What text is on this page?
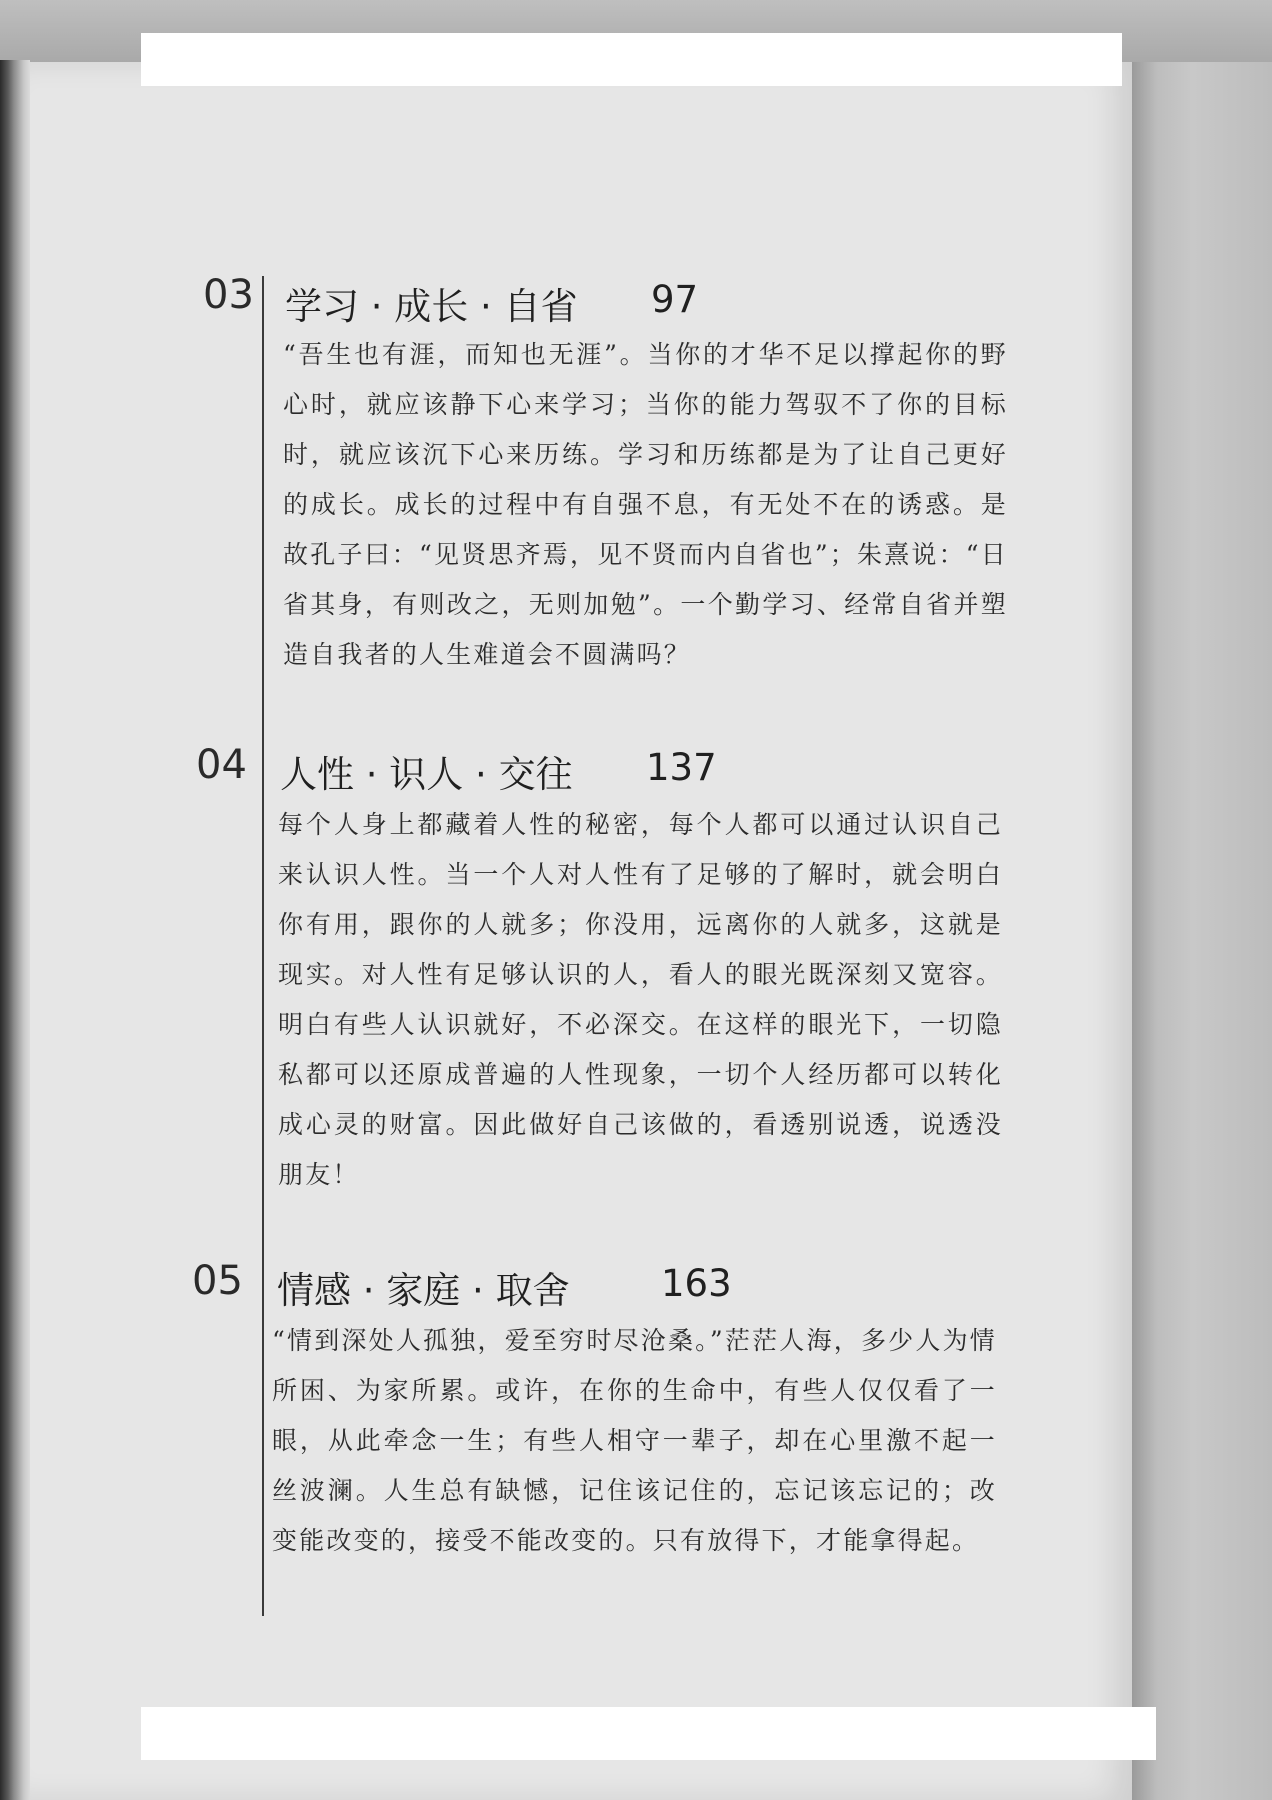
03 学习 · 成长 · 自省 97
“吾生也有涯，而知也无涯”。当你的才华不足以撑起你的野心时，就应该静下心来学习；当你的能力驾驭不了你的目标时，就应该沉下心来历练。学习和历练都是为了让自己更好的成长。成长的过程中有自强不息，有无处不在的诱惑。是故孔子曰：“见贤思齐焉，见不贤而内自省也”；朱熹说：“日省其身，有则改之，无则加勉”。一个勤学习、经常自省并塑造自我者的人生难道会不圆满吗？
04 人性 · 识人 · 交往 137
每个人身上都藏着人性的秘密，每个人都可以通过认识自己来认识人性。当一个人对人性有了足够的了解时，就会明白你有用，跟你的人就多；你没用，远离你的人就多，这就是现实。对人性有足够认识的人，看人的眼光既深刻又宽容。明白有些人认识就好，不必深交。在这样的眼光下，一切隐私都可以还原成普遍的人性现象，一切个人经历都可以转化成心灵的财富。因此做好自己该做的，看透别说透，说透没朋友！
05 情感 · 家庭 · 取舍 163
“情到深处人孤独，爱至穷时尽沧桑。”茫茫人海，多少人为情所困、为家所累。或许，在你的生命中，有些人仅仅看了一眼，从此牵念一生；有些人相守一辈子，却在心里激不起一丝波澜。人生总有缺憾，记住该记住的，忘记该忘记的；改变能改变的，接受不能改变的。只有放得下，才能拿得起。
